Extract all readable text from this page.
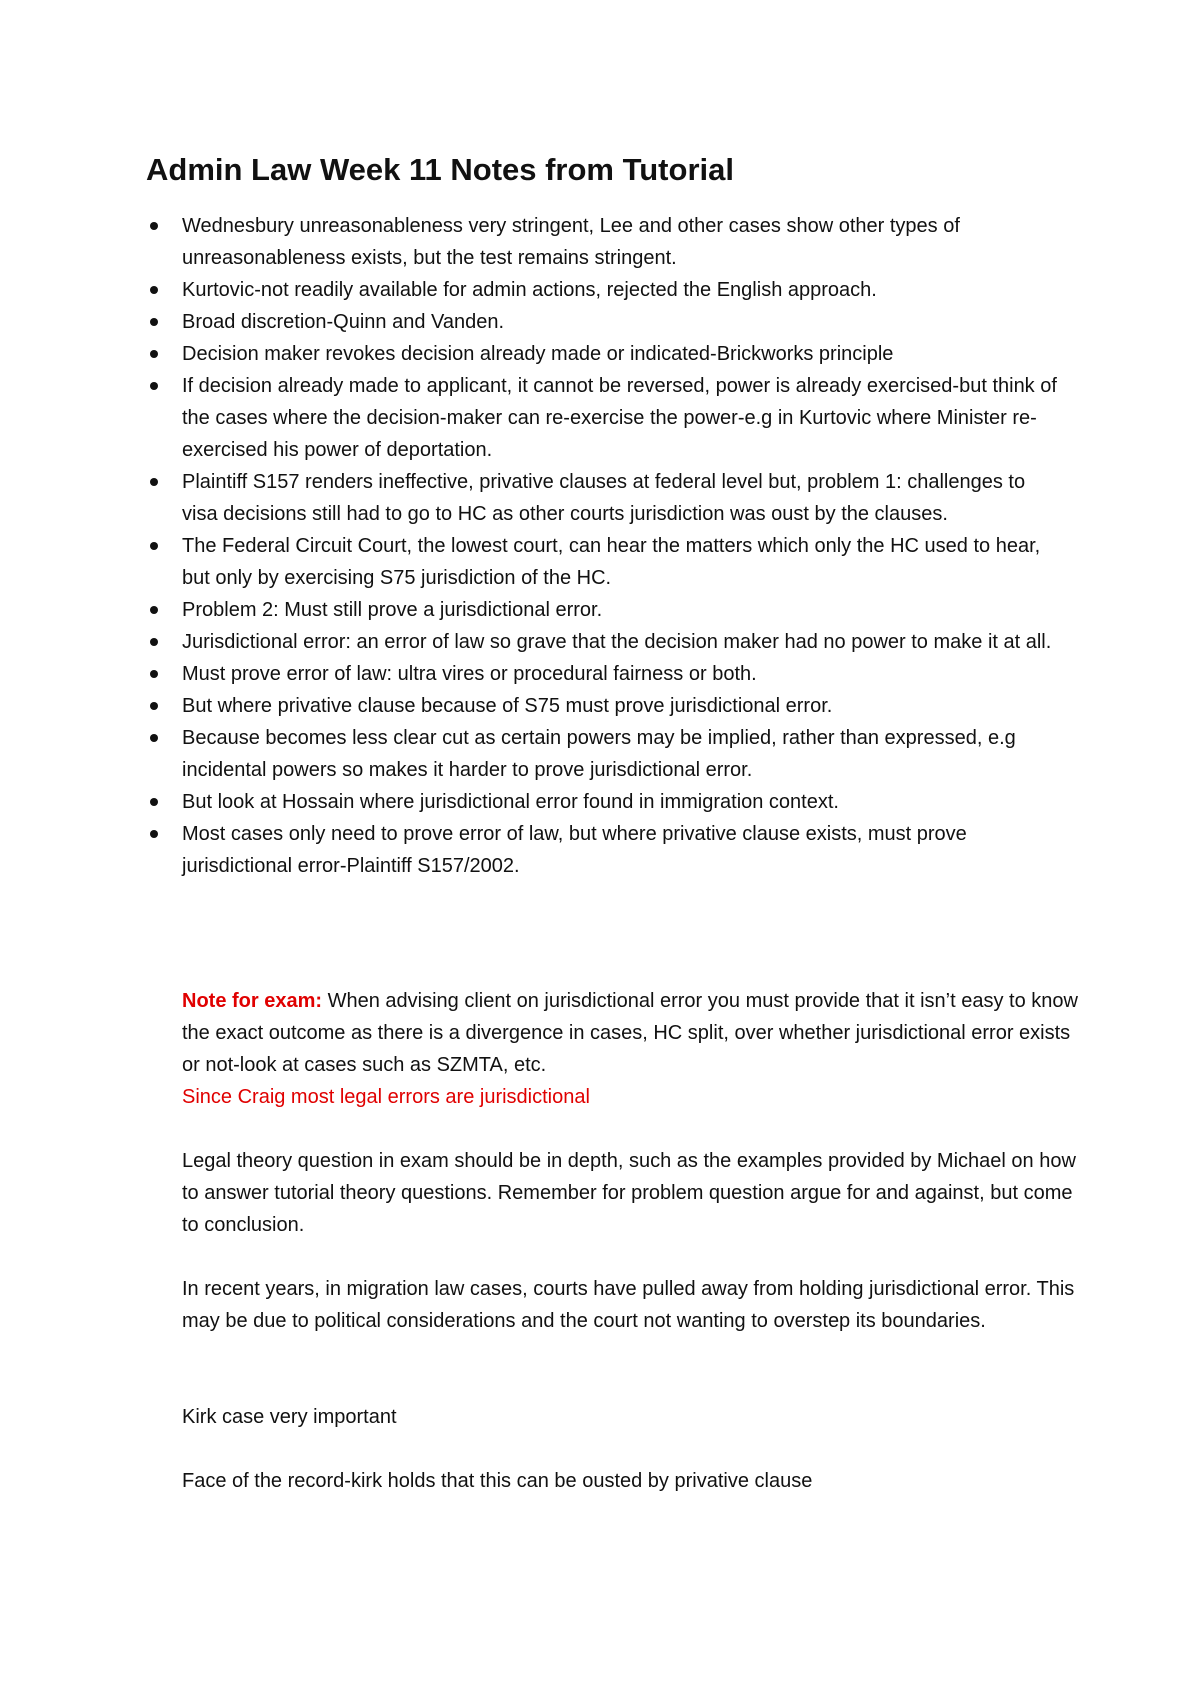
Admin Law Week 11 Notes from Tutorial
Wednesbury unreasonableness very stringent, Lee and other cases show other types of unreasonableness exists, but the test remains stringent.
Kurtovic-not readily available for admin actions, rejected the English approach.
Broad discretion-Quinn and Vanden.
Decision maker revokes decision already made or indicated-Brickworks principle
If decision already made to applicant, it cannot be reversed, power is already exercised-but think of the cases where the decision-maker can re-exercise the power-e.g in Kurtovic where Minister re-exercised his power of deportation.
Plaintiff S157 renders ineffective, privative clauses at federal level but, problem 1: challenges to visa decisions still had to go to HC as other courts jurisdiction was oust by the clauses.
The Federal Circuit Court, the lowest court, can hear the matters which only the HC used to hear, but only by exercising S75 jurisdiction of the HC.
Problem 2: Must still prove a jurisdictional error.
Jurisdictional error: an error of law so grave that the decision maker had no power to make it at all.
Must prove error of law: ultra vires or procedural fairness or both.
But where privative clause because of S75 must prove jurisdictional error.
Because becomes less clear cut as certain powers may be implied, rather than expressed, e.g incidental powers so makes it harder to prove jurisdictional error.
But look at Hossain where jurisdictional error found in immigration context.
Most cases only need to prove error of law, but where privative clause exists, must prove jurisdictional error-Plaintiff S157/2002.

Note for exam: When advising client on jurisdictional error you must provide that it isn’t easy to know the exact outcome as there is a divergence in cases, HC split, over whether jurisdictional error exists or not-look at cases such as SZMTA, etc.
Since Craig most legal errors are jurisdictional

Legal theory question in exam should be in depth, such as the examples provided by Michael on how to answer tutorial theory questions. Remember for problem question argue for and against, but come to conclusion.

In recent years, in migration law cases, courts have pulled away from holding jurisdictional error. This may be due to political considerations and the court not wanting to overstep its boundaries.

Kirk case very important

Face of the record-kirk holds that this can be ousted by privative clause
